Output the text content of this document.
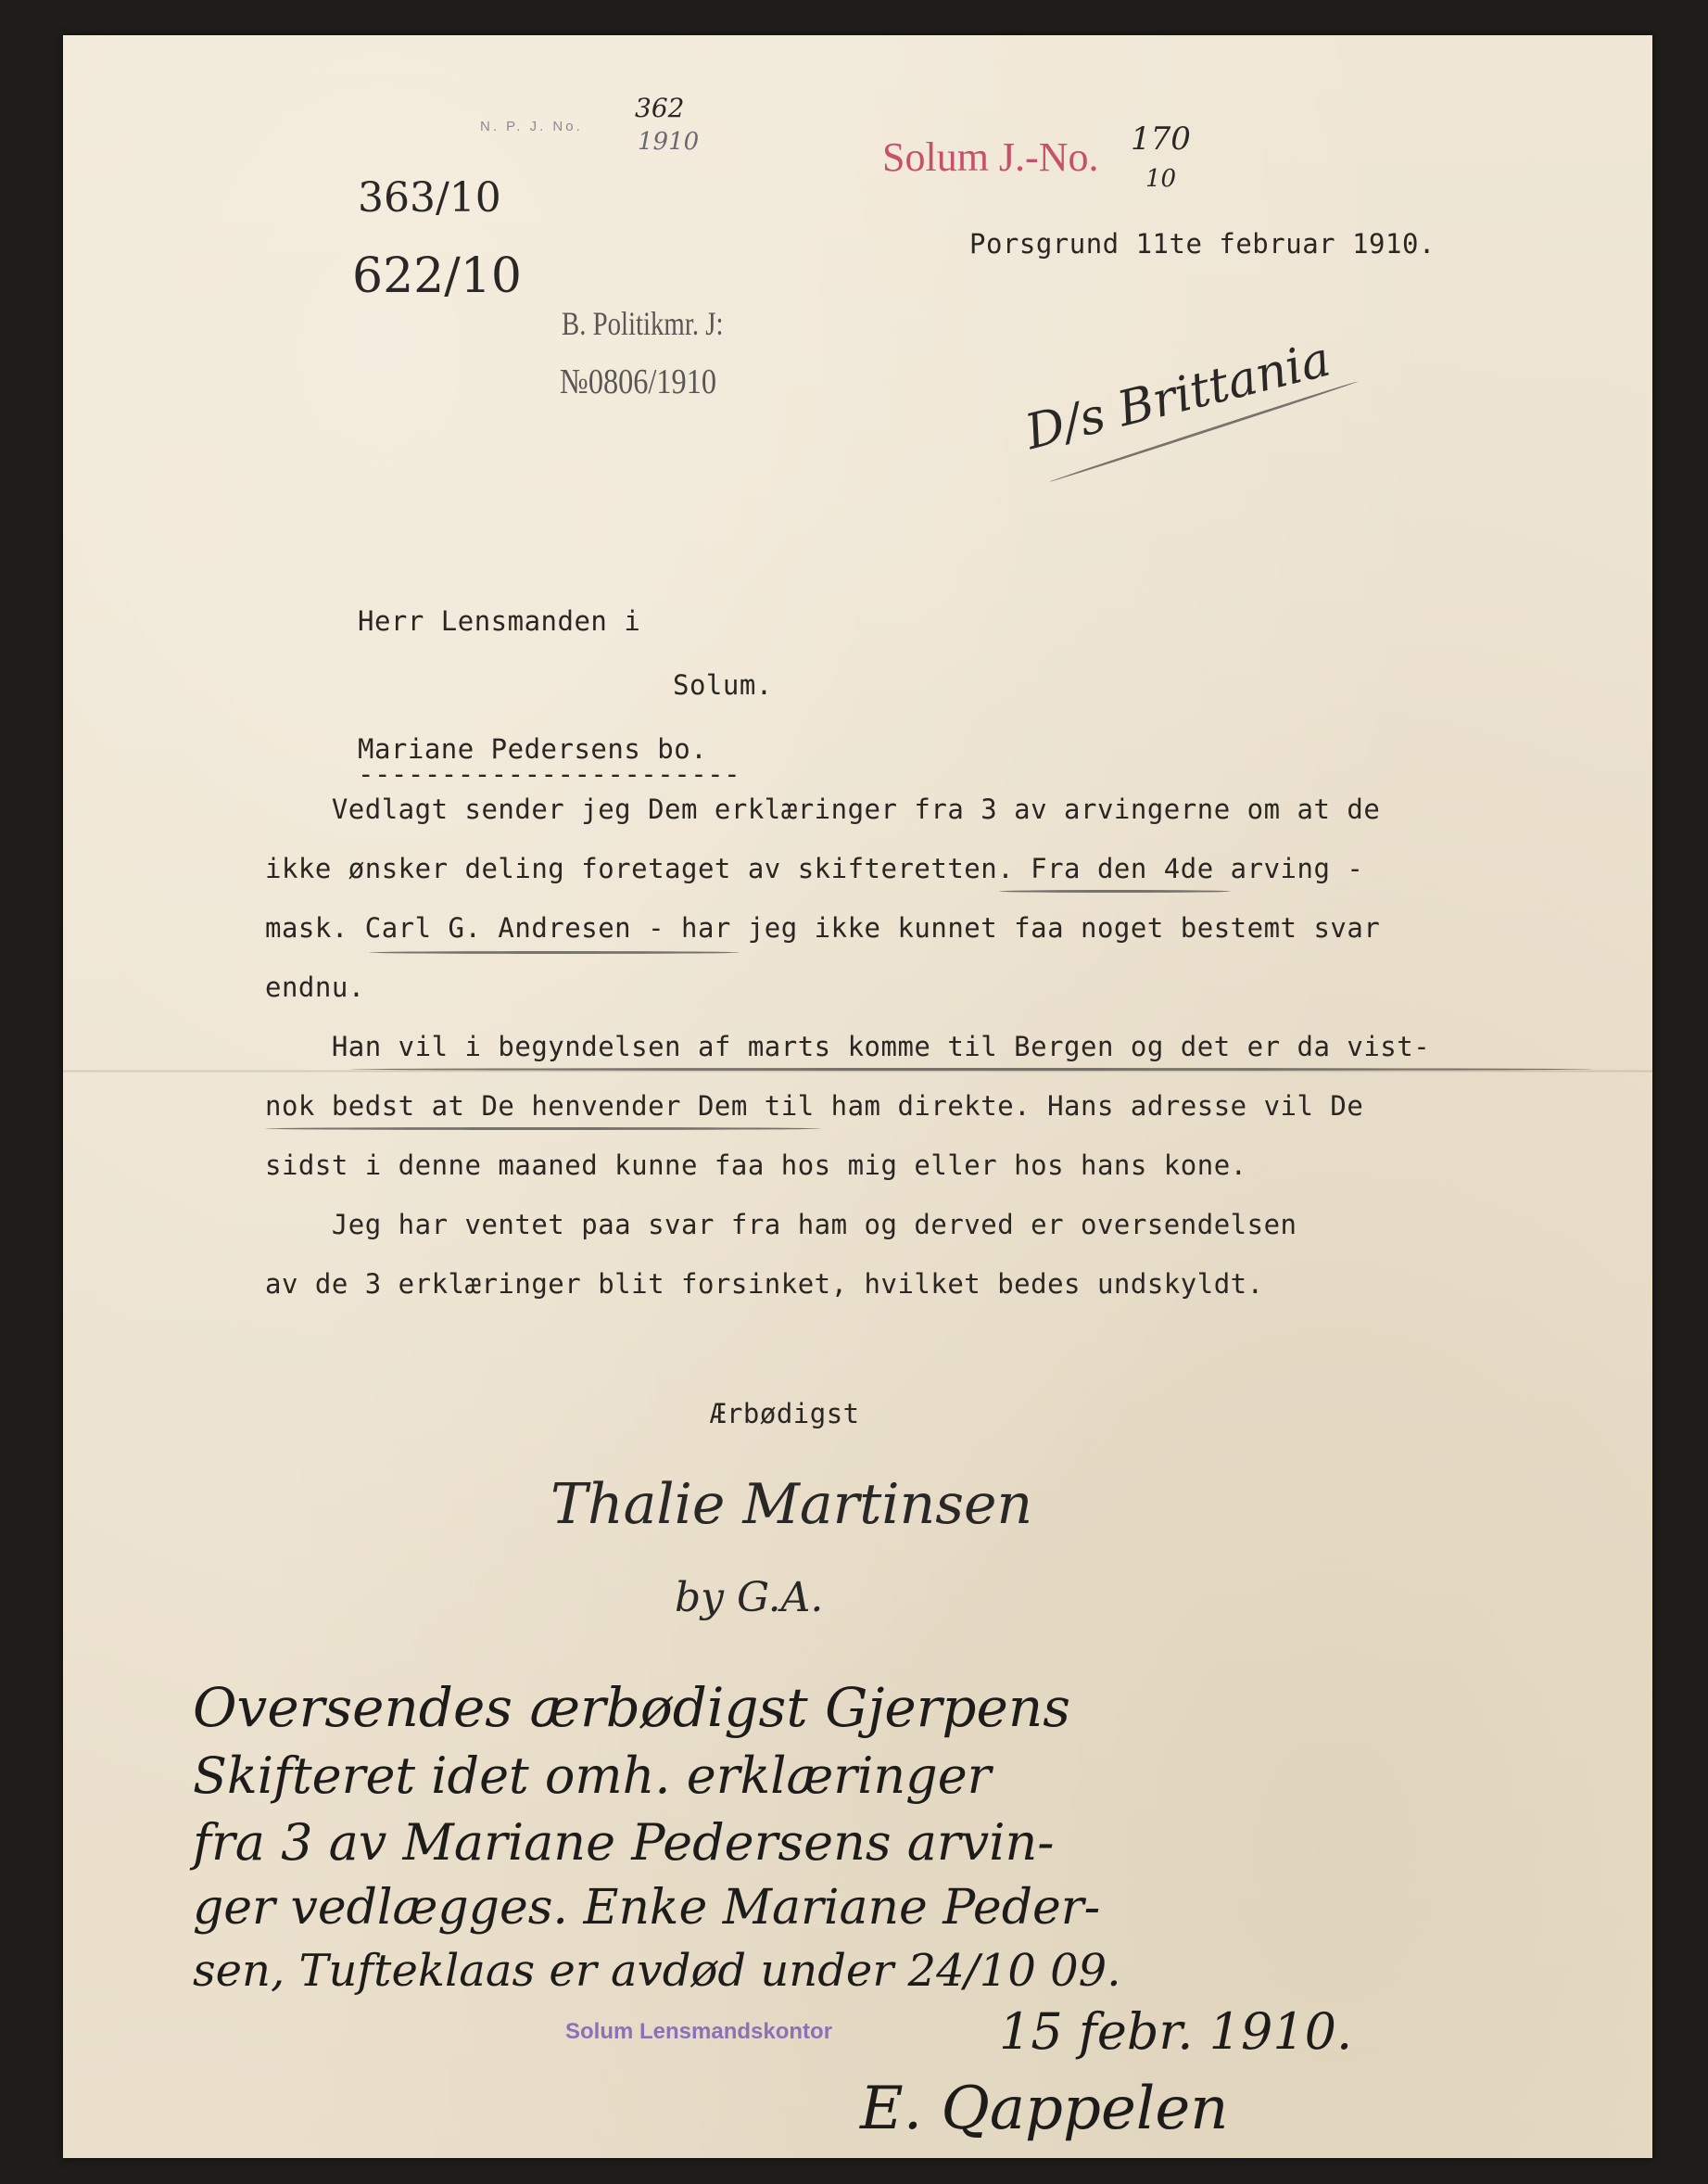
N. P. J. No.
362
1910	Solum J.-No. 170
10
363/10
622/10
B. Politikmr. J:
№0806/1910
Porsgrund 11te februar 1910.
D/s Brittania
Herr Lensmanden i
Solum.
Mariane Pedersens bo.
-----------------------
Vedlagt sender jeg Dem erklæringer fra 3 av arvingerne om at de
ikke ønsker deling foretaget av skifteretten. Fra den 4de arving -
mask. Carl G. Andresen - har jeg ikke kunnet faa noget bestemt svar
endnu.
Han vil i begyndelsen af marts komme til Bergen og det er da vist-
nok bedst at De henvender Dem til ham direkte. Hans adresse vil De
sidst i denne maaned kunne faa hos mig eller hos hans kone.
Jeg har ventet paa svar fra ham og derved er oversendelsen
av de 3 erklæringer blit forsinket, hvilket bedes undskyldt.
Ærbødigst
Thalie Martinsen
by G.A.
Oversendes ærbødigst Gjerpens
Skifteret idet omh. erklæringer
fra 3 av Mariane Pedersens arvin-
ger vedlægges. Enke Mariane Peder-
sen, Tufteklaas er avdød under 24/10 09.
Solum Lensmandskontor	15 febr. 1910.
E. Qappelen
